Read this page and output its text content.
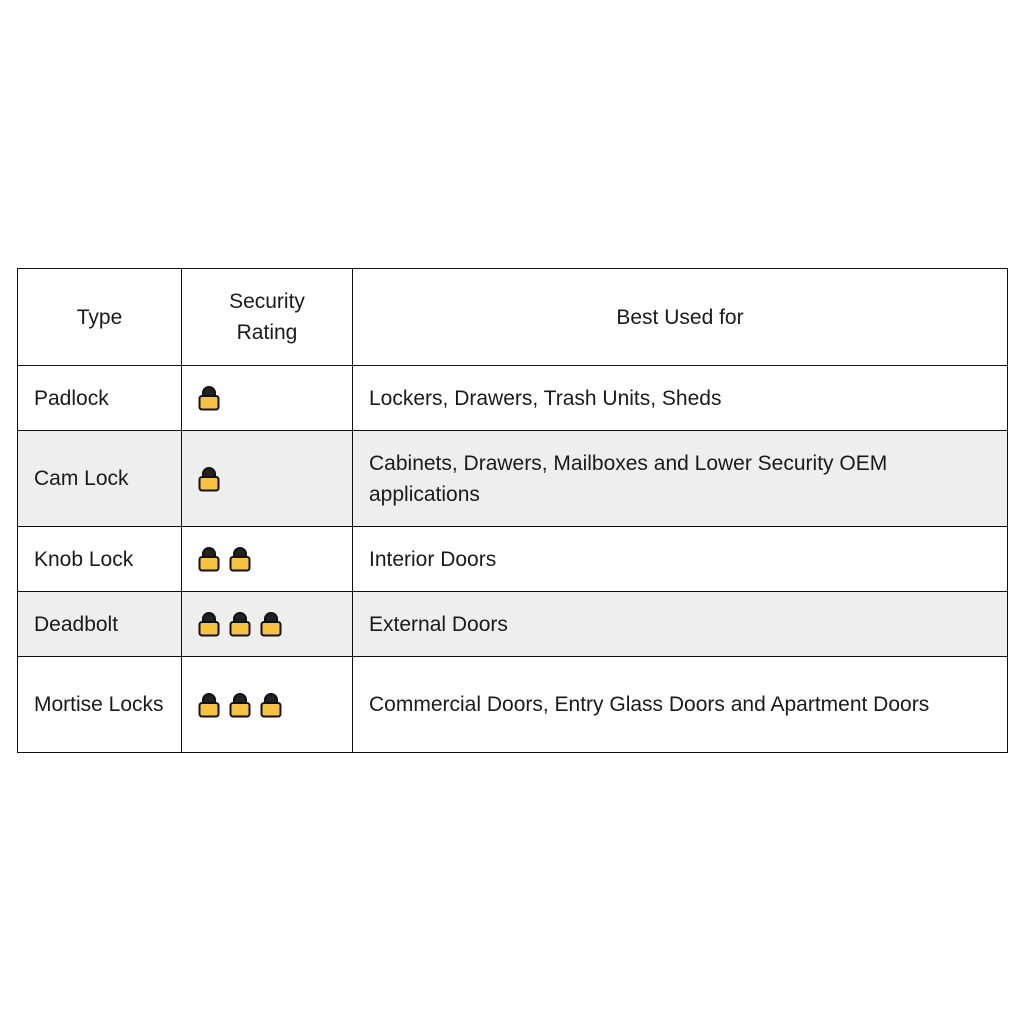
Type	Security Rating	Best Used for
Padlock		Lockers, Drawers, Trash Units, Sheds
Cam Lock		Cabinets, Drawers, Mailboxes and Lower Security OEM applications
Knob Lock		Interior Doors
Deadbolt		External Doors
Mortise Locks		Commercial Doors, Entry Glass Doors and Apartment Doors
